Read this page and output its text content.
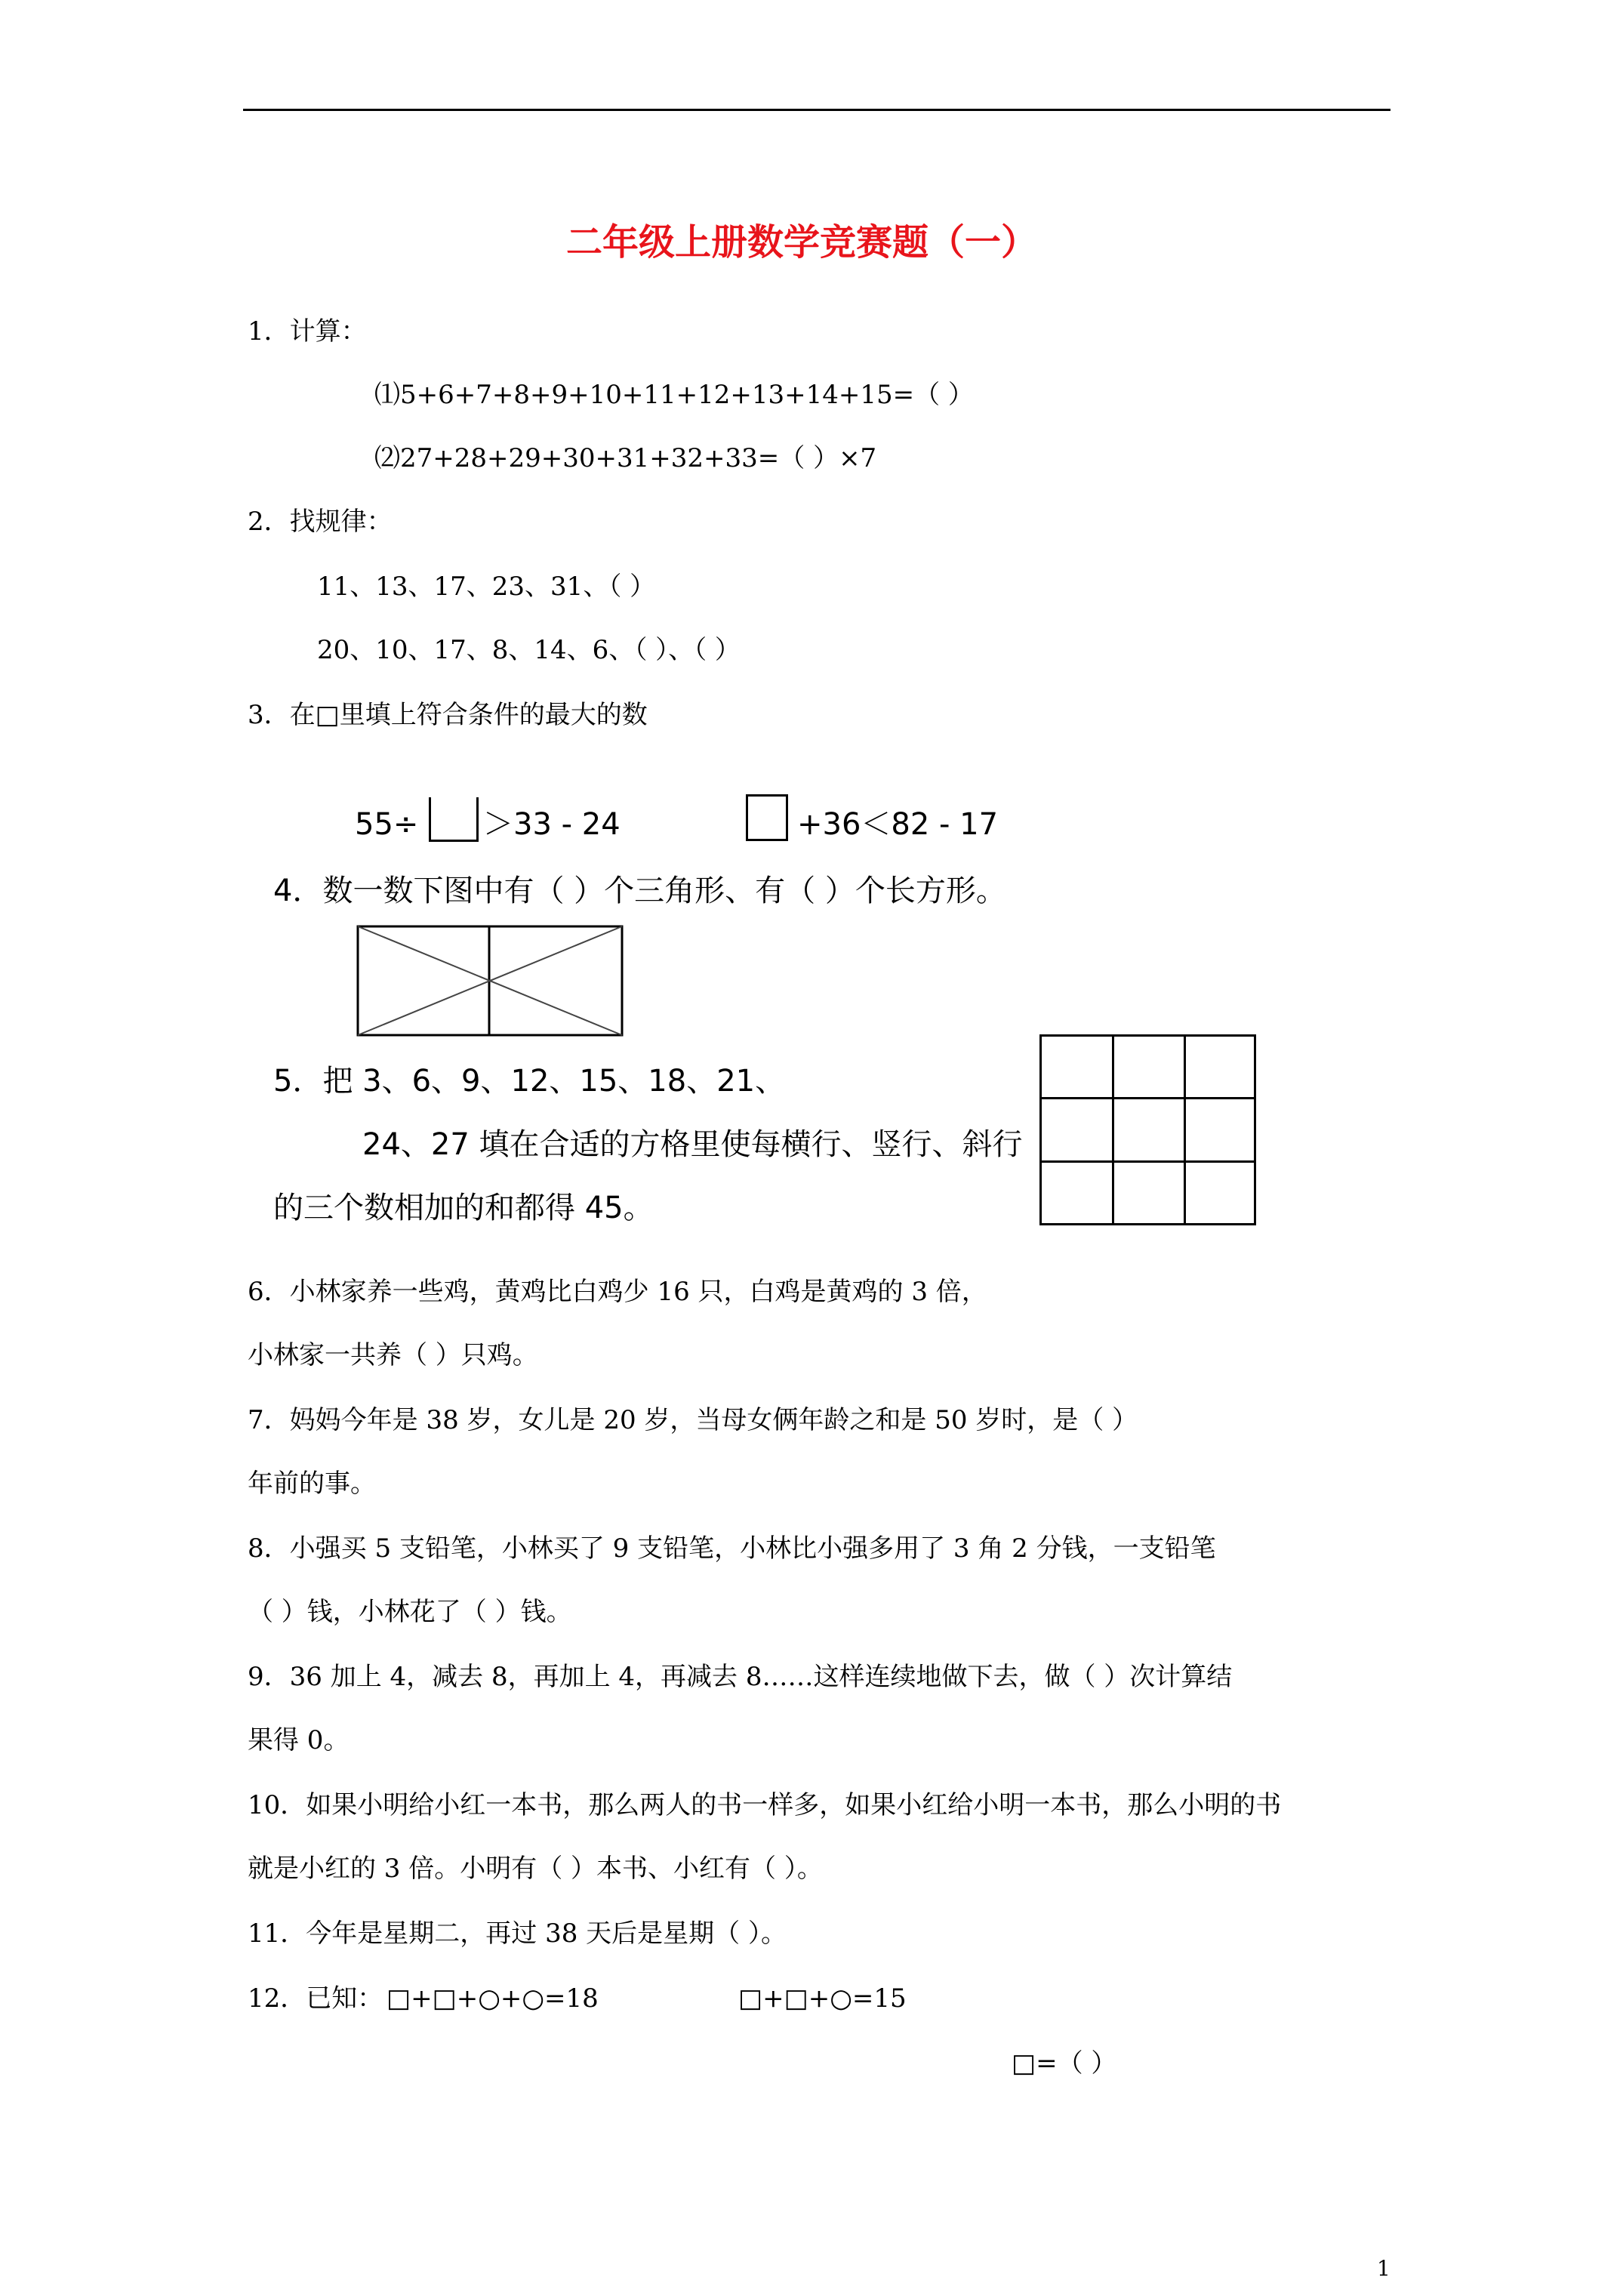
二年级上册数学竞赛题（一）
1．计算：
⑴5+6+7+8+9+10+11+12+13+14+15=（ ）
⑵27+28+29+30+31+32+33=（ ）×7
2．找规律：
11、13、17、23、31、（ ）
20、10、17、8、14、6、（ ）、（ ）
3．在□里填上符合条件的最大的数
55÷ ＞33 - 24	+36＜82 - 17
4．数一数下图中有（ ）个三角形、有（ ）个长方形。
5．把 3、6、9、12、15、18、21、
24、27 填在合适的方格里使每横行、竖行、斜行
的三个数相加的和都得 45。
6．小林家养一些鸡，黄鸡比白鸡少 16 只，白鸡是黄鸡的 3 倍，
小林家一共养（ ）只鸡。
7．妈妈今年是 38 岁，女儿是 20 岁，当母女俩年龄之和是 50 岁时，是（ ）
年前的事。
8．小强买 5 支铅笔，小林买了 9 支铅笔，小林比小强多用了 3 角 2 分钱，一支铅笔
（ ）钱，小林花了（ ）钱。
9．36 加上 4，减去 8，再加上 4，再减去 8……这样连续地做下去，做（ ）次计算结
果得 0。
10．如果小明给小红一本书，那么两人的书一样多，如果小红给小明一本书，那么小明的书
就是小红的 3 倍。小明有（ ）本书、小红有（ ）。
11．今年是星期二，再过 38 天后是星期（ ）。
12．已知： □+□+○+○=18	□+□+○=15
□=（ ）
1
